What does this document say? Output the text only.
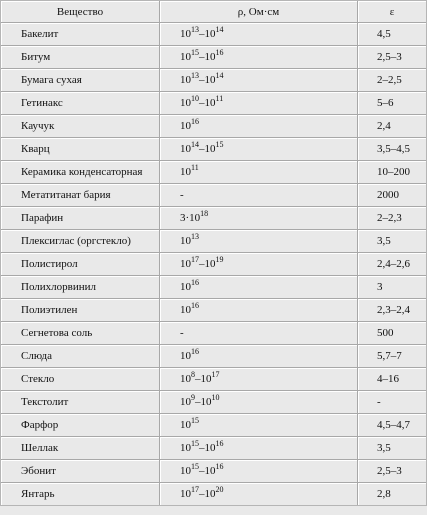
Вещество	ρ, Ом·см	ε
Бакелит	$10^{13}-10^{14}$	4,5
Битум	$10^{15}-10^{16}$	2,5–3
Бумага сухая	$10^{13}-10^{14}$	2–2,5
Гетинакс	$10^{10}-10^{11}$	5–6
Каучук	$10^{16}$	2,4
Кварц	$10^{14}-10^{15}$	3,5–4,5
Керамика конденсаторная	$10^{11}$	10–200
Метатитанат бария	-	2000
Парафин	$3\cdot 10^{18}$	2–2,3
Плексиглас (оргстекло)	$10^{13}$	3,5
Полистирол	$10^{17}-10^{19}$	2,4–2,6
Полихлорвинил	$10^{16}$	3
Полиэтилен	$10^{16}$	2,3–2,4
Сегнетова соль	-	500
Слюда	$10^{16}$	5,7–7
Стекло	$10^8-10^{17}$	4–16
Текстолит	$10^9-10^{10}$	-
Фарфор	$10^{15}$	4,5–4,7
Шеллак	$10^{15}-10^{16}$	3,5
Эбонит	$10^{15}-10^{16}$	2,5–3
Янтарь	$10^{17}-10^{20}$	2,8
